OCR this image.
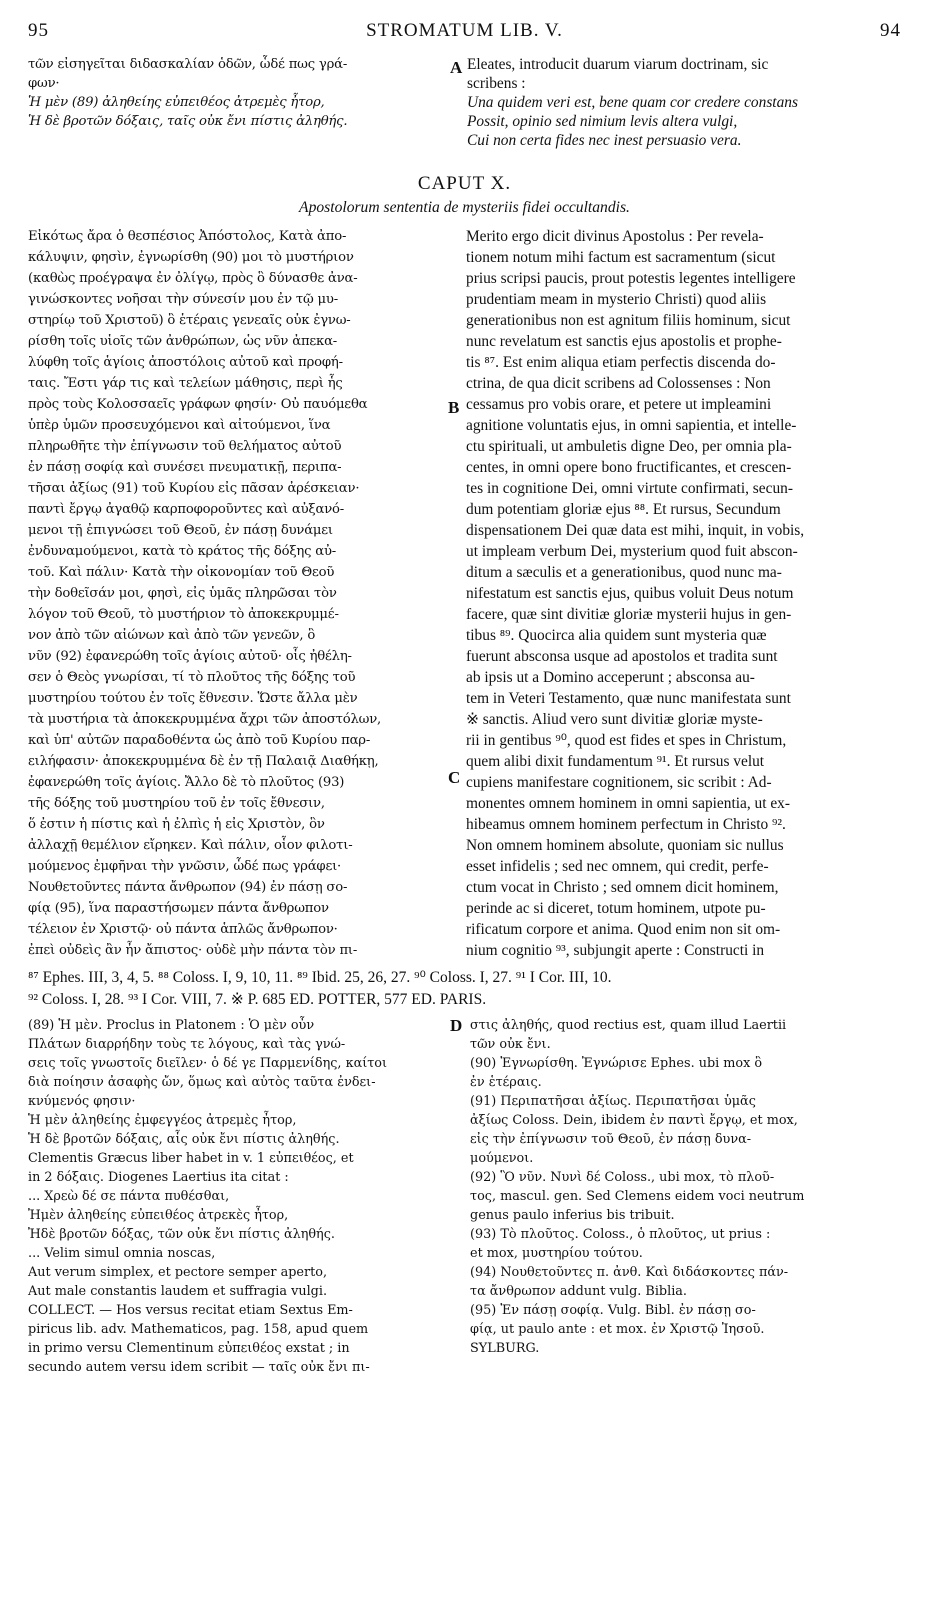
95	STROMATUM LIB. V.	94
τῶν εἰσηγεῖται διδασκαλίαν ὁδῶν, ὧδέ πως γρά-
φων·
Ἡ μὲν (89) ἀληθείης εὐπειθέος ἀτρεμὲς ἦτορ,
Ἡ δὲ βροτῶν δόξαις, ταῖς οὐκ ἔνι πίστις ἀληθής.
A Eleates, introducit duarum viarum doctrinam, sic
scribens :
Una quidem veri est, bene quam cor credere constans
Possit, opinio sed nimium levis altera vulgi,
Cui non certa fides nec inest persuasio vera.
CAPUT X.
Apostolorum sententia de mysteriis fidei occultandis.
Εἰκότως ἄρα ὁ θεσπέσιος Ἀπόστολος, Κατὰ ἀπο-
κάλυψιν, φησὶν, ἐγνωρίσθη (90) μοι τὸ μυστήριον
(καθὼς προέγραψα ἐν ὀλίγῳ, πρὸς ὃ δύνασθε ἀνα-
γινώσκοντες νοῆσαι τὴν σύνεσίν μου ἐν τῷ μυ-
στηρίῳ τοῦ Χριστοῦ) ὃ ἑτέραις γενεαῖς οὐκ ἐγνω-
ρίσθη τοῖς υἱοῖς τῶν ἀνθρώπων, ὡς νῦν ἀπεκα-
λύφθη τοῖς ἁγίοις ἀποστόλοις αὐτοῦ καὶ προφή-
ταις. Ἔστι γάρ τις καὶ τελείων μάθησις, περὶ ἧς
πρὸς τοὺς Κολοσσαεῖς γράφων φησίν· Οὐ παυόμεθα
ὑπὲρ ὑμῶν προσευχόμενοι καὶ αἰτούμενοι, ἵνα
πληρωθῆτε τὴν ἐπίγνωσιν τοῦ θελήματος αὐτοῦ
ἐν πάσῃ σοφίᾳ καὶ συνέσει πνευματικῇ, περιπα-
τῆσαι ἀξίως (91) τοῦ Κυρίου εἰς πᾶσαν ἀρέσκειαν·
παντὶ ἔργῳ ἀγαθῷ καρποφοροῦντες καὶ αὐξανό-
μενοι τῇ ἐπιγνώσει τοῦ Θεοῦ, ἐν πάσῃ δυνάμει
ἐνδυναμούμενοι, κατὰ τὸ κράτος τῆς δόξης αὐ-
τοῦ. Καὶ πάλιν· Κατὰ τὴν οἰκονομίαν τοῦ Θεοῦ
τὴν δοθεῖσάν μοι, φησὶ, εἰς ὑμᾶς πληρῶσαι τὸν
λόγον τοῦ Θεοῦ, τὸ μυστήριον τὸ ἀποκεκρυμμέ-
νον ἀπὸ τῶν αἰώνων καὶ ἀπὸ τῶν γενεῶν, ὃ
νῦν (92) ἐφανερώθη τοῖς ἁγίοις αὐτοῦ· οἷς ἠθέλη-
σεν ὁ Θεὸς γνωρίσαι, τί τὸ πλοῦτος τῆς δόξης τοῦ
μυστηρίου τούτου ἐν τοῖς ἔθνεσιν. Ὥστε ἄλλα μὲν
τὰ μυστήρια τὰ ἀποκεκρυμμένα ἄχρι τῶν ἀποστόλων,
καὶ ὑπ' αὐτῶν παραδοθέντα ὡς ἀπὸ τοῦ Κυρίου παρ-
ειλήφασιν· ἀποκεκρυμμένα δὲ ἐν τῇ Παλαιᾷ Διαθήκῃ,
ἐφανερώθη τοῖς ἁγίοις. Ἄλλο δὲ τὸ πλοῦτος (93)
τῆς δόξης τοῦ μυστηρίου τοῦ ἐν τοῖς ἔθνεσιν,
ὅ ἐστιν ἡ πίστις καὶ ἡ ἐλπὶς ἡ εἰς Χριστὸν, ὃν
ἀλλαχῇ θεμέλιον εἴρηκεν. Καὶ πάλιν, οἷον φιλοτι-
μούμενος ἐμφῆναι τὴν γνῶσιν, ὧδέ πως γράφει·
Νουθετοῦντες πάντα ἄνθρωπον (94) ἐν πάσῃ σο-
φίᾳ (95), ἵνα παραστήσωμεν πάντα ἄνθρωπον
τέλειον ἐν Χριστῷ· οὐ πάντα ἁπλῶς ἄνθρωπον·
ἐπεὶ οὐδεὶς ἂν ἦν ἄπιστος· οὐδὲ μὴν πάντα τὸν πι-
B
C
Merito ergo dicit divinus Apostolus : Per revela-
tionem notum mihi factum est sacramentum (sicut
prius scripsi paucis, prout potestis legentes intelligere
prudentiam meam in mysterio Christi) quod aliis
generationibus non est agnitum filiis hominum, sicut
nunc revelatum est sanctis ejus apostolis et prophe-
tis ⁸⁷. Est enim aliqua etiam perfectis discenda do-
ctrina, de qua dicit scribens ad Colossenses : Non
cessamus pro vobis orare, et petere ut impleamini
agnitione voluntatis ejus, in omni sapientia, et intelle-
ctu spirituali, ut ambuletis digne Deo, per omnia pla-
centes, in omni opere bono fructificantes, et crescen-
tes in cognitione Dei, omni virtute confirmati, secun-
dum potentiam gloriæ ejus ⁸⁸. Et rursus, Secundum
dispensationem Dei quæ data est mihi, inquit, in vobis,
ut impleam verbum Dei, mysterium quod fuit abscon-
ditum a sæculis et a generationibus, quod nunc ma-
nifestatum est sanctis ejus, quibus voluit Deus notum
facere, quæ sint divitiæ gloriæ mysterii hujus in gen-
tibus ⁸⁹. Quocirca alia quidem sunt mysteria quæ
fuerunt absconsa usque ad apostolos et tradita sunt
ab ipsis ut a Domino acceperunt ; absconsa au-
tem in Veteri Testamento, quæ nunc manifestata sunt
※ sanctis. Aliud vero sunt divitiæ gloriæ myste-
rii in gentibus ⁹⁰, quod est fides et spes in Christum,
quem alibi dixit fundamentum ⁹¹. Et rursus velut
cupiens manifestare cognitionem, sic scribit : Ad-
monentes omnem hominem in omni sapientia, ut ex-
hibeamus omnem hominem perfectum in Christo ⁹².
Non omnem hominem absolute, quoniam sic nullus
esset infidelis ; sed nec omnem, qui credit, perfe-
ctum vocat in Christo ; sed omnem dicit hominem,
perinde ac si diceret, totum hominem, utpote pu-
rificatum corpore et anima. Quod enim non sit om-
nium cognitio ⁹³, subjungit aperte : Constructi in
⁸⁷ Ephes. III, 3, 4, 5. ⁸⁸ Coloss. I, 9, 10, 11. ⁸⁹ Ibid. 25, 26, 27. ⁹⁰ Coloss. I, 27. ⁹¹ I Cor. III, 10.
⁹² Coloss. I, 28. ⁹³ I Cor. VIII, 7. ※ P. 685 ED. POTTER, 577 ED. PARIS.
(89) Ἡ μὲν. Proclus in Platonem : Ὁ μὲν οὖν
Πλάτων διαρρήδην τοὺς τε λόγους, καὶ τὰς γνώ-
σεις τοῖς γνωστοῖς διεῖλεν· ὁ δέ γε Παρμενίδης, καίτοι
διὰ ποίησιν ἀσαφὴς ὤν, ὅμως καὶ αὐτὸς ταῦτα ἐνδει-
κνύμενός φησιν·
Ἡ μὲν ἀληθείης ἐμφεγγέος ἀτρεμὲς ἦτορ,
Ἡ δὲ βροτῶν δόξαις, αἷς οὐκ ἔνι πίστις ἀληθής.
Clementis Græcus liber habet in v. 1 εὐπειθέος, et
in 2 δόξαις. Diogenes Laertius ita citat :
... Χρεὼ δέ σε πάντα πυθέσθαι,
Ἠμὲν ἀληθείης εὐπειθέος ἀτρεκὲς ἦτορ,
Ἠδὲ βροτῶν δόξας, τῶν οὐκ ἔνι πίστις ἀληθής.
... Velim simul omnia noscas,
Aut verum simplex, et pectore semper aperto,
Aut male constantis laudem et suffragia vulgi.
COLLECT. — Hos versus recitat etiam Sextus Em-
piricus lib. adv. Mathematicos, pag. 158, apud quem
in primo versu Clementinum εὐπειθέος exstat ; in
secundo autem versu idem scribit — ταῖς οὐκ ἔνι πι-
D στις ἀληθής, quod rectius est, quam illud Laertii
τῶν οὐκ ἔνι.
(90) Ἐγνωρίσθη. Ἐγνώρισε Ephes. ubi mox ὃ
ἐν ἑτέραις.
(91) Περιπατῆσαι ἀξίως. Περιπατῆσαι ὑμᾶς
ἀξίως Coloss. Dein, ibidem ἐν παντὶ ἔργῳ, et mox,
εἰς τὴν ἐπίγνωσιν τοῦ Θεοῦ, ἐν πάσῃ δυνα-
μούμενοι.
(92) Ὃ νῦν. Νυνὶ δέ Coloss., ubi mox, τὸ πλοῦ-
τος, mascul. gen. Sed Clemens eidem voci neutrum
genus paulo inferius bis tribuit.
(93) Τὸ πλοῦτος. Coloss., ὁ πλοῦτος, ut prius :
et mox, μυστηρίου τούτου.
(94) Νουθετοῦντες π. ἀνθ. Καὶ διδάσκοντες πάν-
τα ἄνθρωπον addunt vulg. Biblia.
(95) Ἐν πάσῃ σοφίᾳ. Vulg. Bibl. ἐν πάσῃ σο-
φίᾳ, ut paulo ante : et mox. ἐν Χριστῷ Ἰησοῦ.
SYLBURG.
